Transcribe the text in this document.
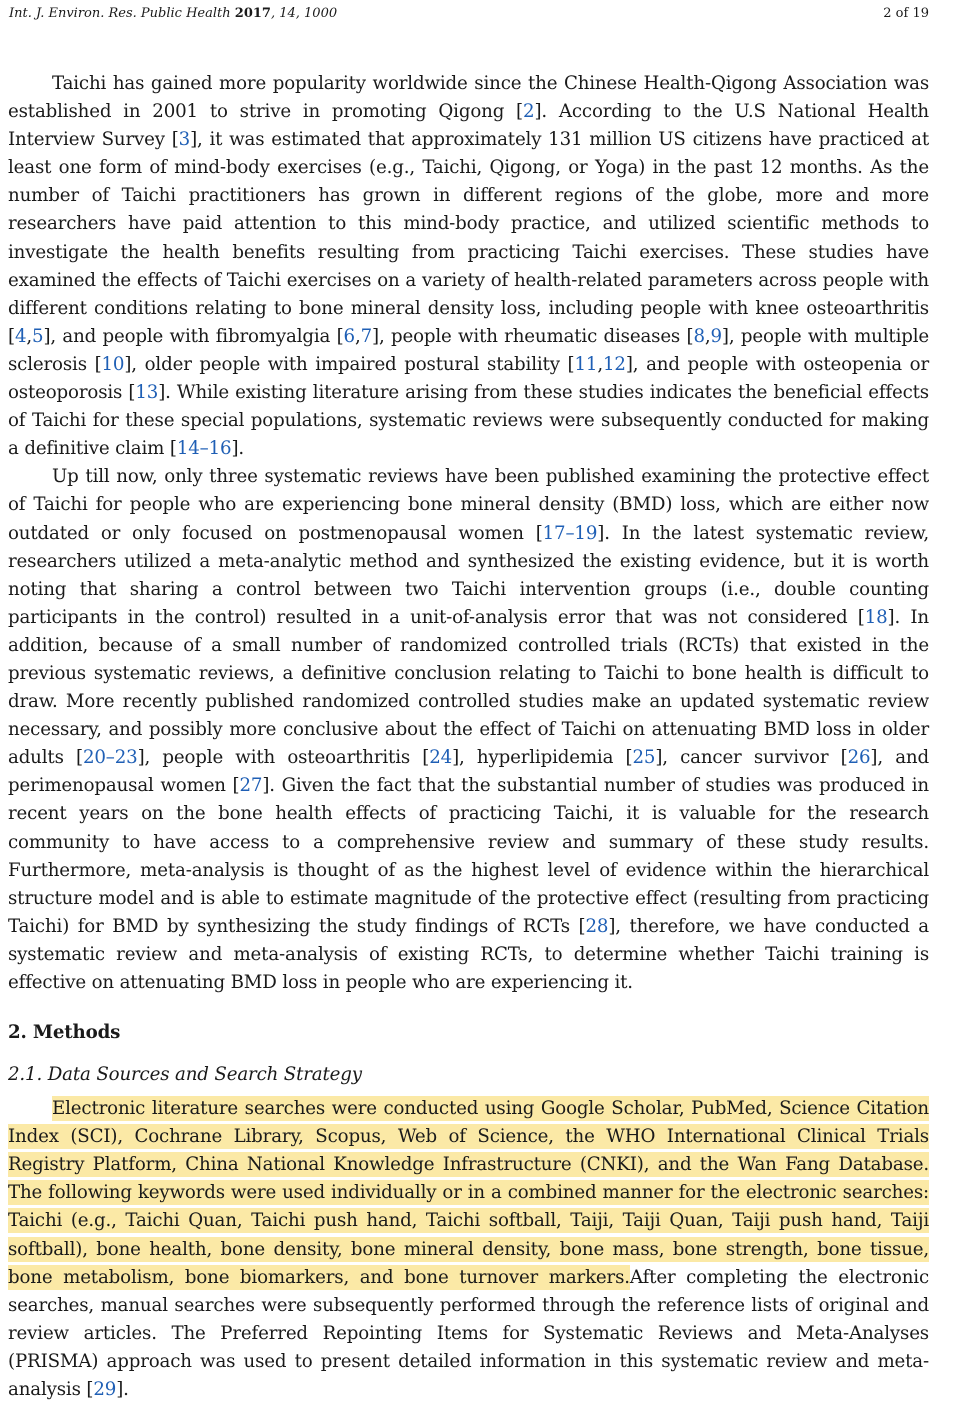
Int. J. Environ. Res. Public Health 2017, 14, 1000	2 of 19

Taichi has gained more popularity worldwide since the Chinese Health-Qigong Association was established in 2001 to strive in promoting Qigong [2]. According to the U.S National Health Interview Survey [3], it was estimated that approximately 131 million US citizens have practiced at least one form of mind-body exercises (e.g., Taichi, Qigong, or Yoga) in the past 12 months. As the number of Taichi practitioners has grown in different regions of the globe, more and more researchers have paid attention to this mind-body practice, and utilized scientific methods to investigate the health benefits resulting from practicing Taichi exercises. These studies have examined the effects of Taichi exercises on a variety of health-related parameters across people with different conditions relating to bone mineral density loss, including people with knee osteoarthritis [4,5], and people with fibromyalgia [6,7], people with rheumatic diseases [8,9], people with multiple sclerosis [10], older people with impaired postural stability [11,12], and people with osteopenia or osteoporosis [13]. While existing literature arising from these studies indicates the beneficial effects of Taichi for these special populations, systematic reviews were subsequently conducted for making a definitive claim [14–16].

Up till now, only three systematic reviews have been published examining the protective effect of Taichi for people who are experiencing bone mineral density (BMD) loss, which are either now outdated or only focused on postmenopausal women [17–19]. In the latest systematic review, researchers utilized a meta-analytic method and synthesized the existing evidence, but it is worth noting that sharing a control between two Taichi intervention groups (i.e., double counting participants in the control) resulted in a unit-of-analysis error that was not considered [18]. In addition, because of a small number of randomized controlled trials (RCTs) that existed in the previous systematic reviews, a definitive conclusion relating to Taichi to bone health is difficult to draw. More recently published randomized controlled studies make an updated systematic review necessary, and possibly more conclusive about the effect of Taichi on attenuating BMD loss in older adults [20–23], people with osteoarthritis [24], hyperlipidemia [25], cancer survivor [26], and perimenopausal women [27]. Given the fact that the substantial number of studies was produced in recent years on the bone health effects of practicing Taichi, it is valuable for the research community to have access to a comprehensive review and summary of these study results. Furthermore, meta-analysis is thought of as the highest level of evidence within the hierarchical structure model and is able to estimate magnitude of the protective effect (resulting from practicing Taichi) for BMD by synthesizing the study findings of RCTs [28], therefore, we have conducted a systematic review and meta-analysis of existing RCTs, to determine whether Taichi training is effective on attenuating BMD loss in people who are experiencing it.

2. Methods
2.1. Data Sources and Search Strategy

Electronic literature searches were conducted using Google Scholar, PubMed, Science Citation Index (SCI), Cochrane Library, Scopus, Web of Science, the WHO International Clinical Trials Registry Platform, China National Knowledge Infrastructure (CNKI), and the Wan Fang Database. The following keywords were used individually or in a combined manner for the electronic searches: Taichi (e.g., Taichi Quan, Taichi push hand, Taichi softball, Taiji, Taiji Quan, Taiji push hand, Taiji softball), bone health, bone density, bone mineral density, bone mass, bone strength, bone tissue, bone metabolism, bone biomarkers, and bone turnover markers.After completing the electronic searches, manual searches were subsequently performed through the reference lists of original and review articles. The Preferred Repointing Items for Systematic Reviews and Meta-Analyses (PRISMA) approach was used to present detailed information in this systematic review and meta-analysis [29].
